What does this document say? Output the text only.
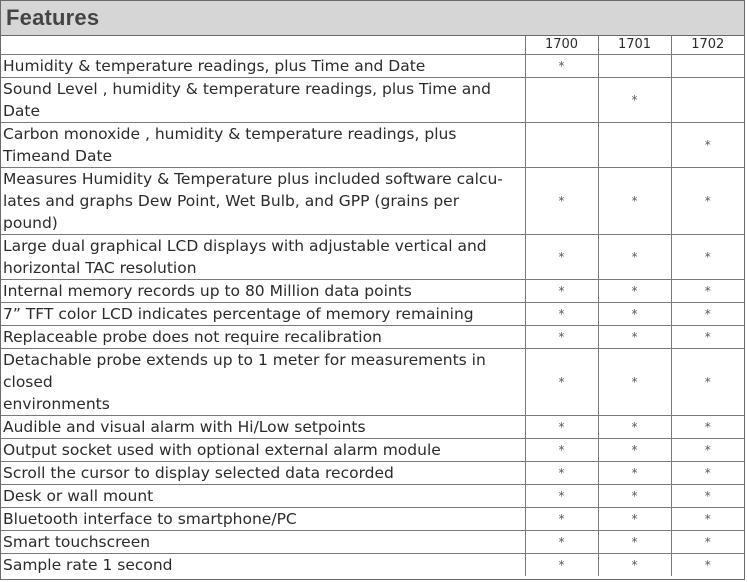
Features
	1700	1701	1702

Humidity & temperature readings, plus Time and Date	*		

Sound Level , humidity & temperature readings, plus Time and
Date		*	

Carbon monoxide , humidity & temperature readings, plus
Timeand Date			*

Measures Humidity & Temperature plus included software calcu-
lates and graphs Dew Point, Wet Bulb, and GPP (grains per
pound)	*	*	*

Large dual graphical LCD displays with adjustable vertical and
horizontal TAC resolution	*	*	*

Internal memory records up to 80 Million data points	*	*	*

7” TFT color LCD indicates percentage of memory remaining	*	*	*

Replaceable probe does not require recalibration	*	*	*

Detachable probe extends up to 1 meter for measurements in
closed
environments	*	*	*

Audible and visual alarm with Hi/Low setpoints	*	*	*

Output socket used with optional external alarm module	*	*	*

Scroll the cursor to display selected data recorded	*	*	*

Desk or wall mount	*	*	*

Bluetooth interface to smartphone/PC	*	*	*

Smart touchscreen	*	*	*

Sample rate 1 second	*	*	*
